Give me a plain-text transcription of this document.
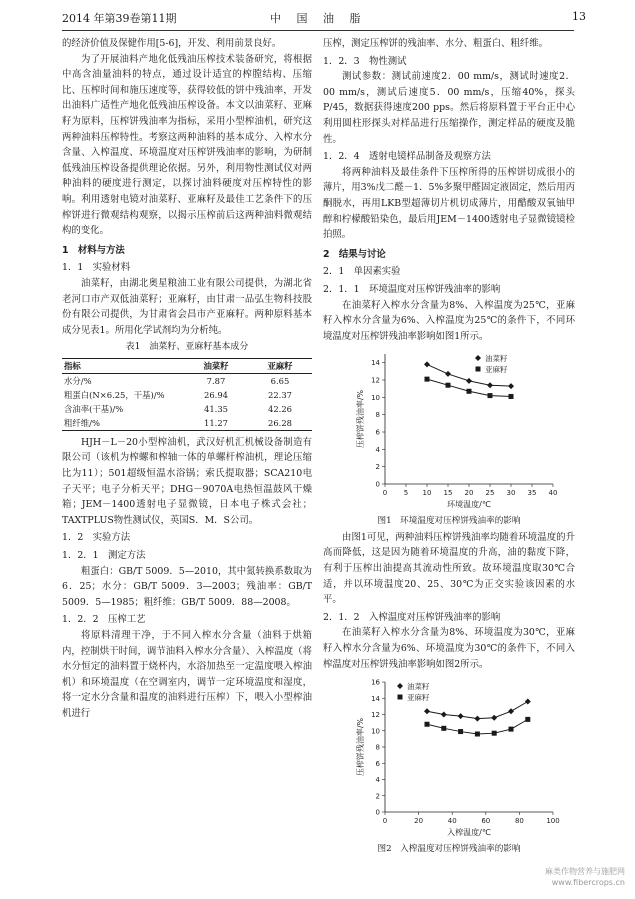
2014 年第39卷第11期	中 国 油 脂	13

的经济价值及保健作用[5-6]，开发、利用前景良好。

为了开展油料产地化低残油压榨技术装备研究，将根据中高含油量油料的特点，通过设计适宜的榨膛结构、压缩比、压榨时间和施压速度等，获得较低的饼中残油率，开发出油料广适性产地化低残油压榨设备。本文以油菜籽、亚麻籽为原料，压榨饼残油率为指标，采用小型榨油机，研究这两种油料压榨特性。考察这两种油料的基本成分、入榨水分含量、入榨温度、环境温度对压榨饼残油率的影响，为研制低残油压榨设备提供理论依据。另外，利用物性测试仪对两种油料的硬度进行测定，以探讨油料硬度对压榨特性的影响。利用透射电镜对油菜籽、亚麻籽及最佳工艺条件下的压榨饼进行微观结构观察，以揭示压榨前后这两种油料微观结构的变化。

1　材料与方法

1．1　实验材料

油菜籽，由湖北奥星粮油工业有限公司提供，为湖北省老河口市产双低油菜籽；亚麻籽，由甘肃一品弘生物科技股份有限公司提供，为甘肃省会昌市产亚麻籽。两种原料基本成分见表1。所用化学试剂均为分析纯。

表1　油菜籽、亚麻籽基本成分

指标	油菜籽	亚麻籽
水分/%	7.87	6.65
粗蛋白(N×6.25，干基)/%	26.94	22.37
含油率(干基)/%	41.35	42.26
粗纤维/%	11.27	26.28

HJH－L－20小型榨油机，武汉好机汇机械设备制造有限公司（该机为榨螺和榨轴一体的单螺杆榨油机，理论压缩比为11）；501超级恒温水浴锅；索氏提取器；SCA210电子天平；电子分析天平；DHG－9070A电热恒温鼓风干燥箱；JEM－1400透射电子显微镜，日本电子株式会社；TAXTPLUS物性测试仪，英国S．M．S公司。

1．2　实验方法

1．2．1　测定方法

粗蛋白：GB/T 5009．5—2010，其中氮转换系数取为6．25；水分：GB/T 5009．3—2003；残油率：GB/T 5009．5—1985；粗纤维：GB/T 5009．88—2008。

1．2．2　压榨工艺

将原料清理干净，于不同入榨水分含量（油料于烘箱内，控制烘干时间，调节油料入榨水分含量）、入榨温度（将水分恒定的油料置于烧杯内，水浴加热至一定温度喂入榨油机）和环境温度（在空调室内，调节一定环境温度和湿度，将一定水分含量和温度的油料进行压榨）下，喂入小型榨油机进行

压榨，测定压榨饼的残油率、水分、粗蛋白、粗纤维。

1．2．3　物性测试

测试参数：测试前速度2．00 mm/s，测试时速度2．00 mm/s，测试后速度5．00 mm/s，压缩40%，探头P/45，数据获得速度200 pps。然后将原料置于平台正中心利用圆柱形探头对样品进行压缩操作，测定样品的硬度及脆性。

1．2．4　透射电镜样品制备及观察方法

将两种油料及最佳条件下压榨所得的压榨饼切成很小的薄片，用3%戊二醛－1．5%多聚甲醛固定液固定，然后用丙酮脱水，再用LKB型超薄切片机切成薄片，用醋酸双氧铀甲醇和柠檬酸铅染色，最后用JEM－1400透射电子显微镜镜检拍照。

2　结果与讨论

2．1　单因素实验

2．1．1　环境温度对压榨饼残油率的影响

在油菜籽入榨水分含量为8%、入榨温度为25℃，亚麻籽入榨水分含量为6%、入榨温度为25℃的条件下，不同环境温度对压榨饼残油率影响如图1所示。

0 5 10 15 20 25 30 35 40
0
2
4
6
8
10
12
14
环境温度/℃
压榨饼残油率/%
油菜籽
亚麻籽

图1　环境温度对压榨饼残油率的影响

由图1可见，两种油料压榨饼残油率均随着环境温度的升高而降低，这是因为随着环境温度的升高，油的黏度下降，有利于压榨出油提高其流动性所致。故环境温度取30℃合适，并以环境温度20、25、30℃为正交实验该因素的水平。

2．1．2　入榨温度对压榨饼残油率的影响

在油菜籽入榨水分含量为8%、环境温度为30℃，亚麻籽入榨水分含量为6%、环境温度为30℃的条件下，不同入榨温度对压榨饼残油率影响如图2所示。

0	20	40	60	80	100
0
2
4
6
8
10
12
14
16
入榨温度/℃
压榨饼残油率/%
油菜籽
亚麻籽

图2　入榨温度对压榨饼残油率的影响

麻类作物营养与施肥网
www.fibercrops.cn
